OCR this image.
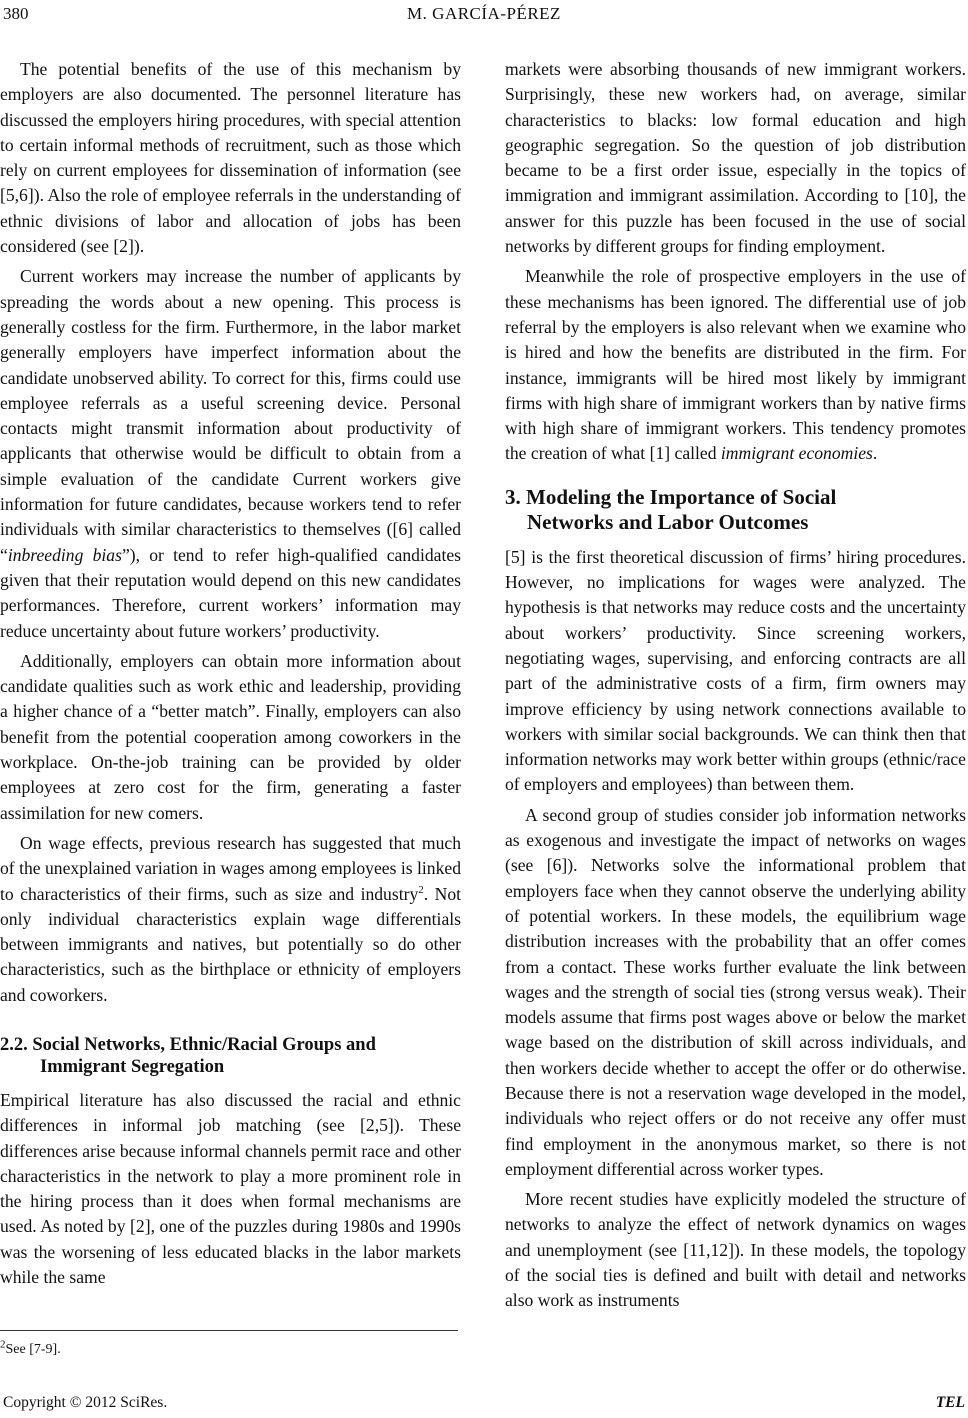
380	M. GARCÍA-PÉREZ

The potential benefits of the use of this mechanism by employers are also documented. The personnel literature has discussed the employers hiring procedures, with special attention to certain informal methods of recruitment, such as those which rely on current employees for dissemination of information (see [5,6]). Also the role of employee referrals in the understanding of ethnic divisions of labor and allocation of jobs has been considered (see [2]).

Current workers may increase the number of applicants by spreading the words about a new opening. This process is generally costless for the firm. Furthermore, in the labor market generally employers have imperfect information about the candidate unobserved ability. To correct for this, firms could use employee referrals as a useful screening device. Personal contacts might transmit information about productivity of applicants that otherwise would be difficult to obtain from a simple evaluation of the candidate Current workers give information for future candidates, because workers tend to refer individuals with similar characteristics to themselves ([6] called “inbreeding bias”), or tend to refer high-qualified candidates given that their reputation would depend on this new candidates performances. Therefore, current workers’ information may reduce uncertainty about future workers’ productivity.

Additionally, employers can obtain more information about candidate qualities such as work ethic and leadership, providing a higher chance of a “better match”. Finally, employers can also benefit from the potential cooperation among coworkers in the workplace. On-the-job training can be provided by older employees at zero cost for the firm, generating a faster assimilation for new comers.

On wage effects, previous research has suggested that much of the unexplained variation in wages among employees is linked to characteristics of their firms, such as size and industry$^2$. Not only individual characteristics explain wage differentials between immigrants and natives, but potentially so do other characteristics, such as the birthplace or ethnicity of employers and coworkers.

2.2. Social Networks, Ethnic/Racial Groups and
Immigrant Segregation

Empirical literature has also discussed the racial and ethnic differences in informal job matching (see [2,5]). These differences arise because informal channels permit race and other characteristics in the network to play a more prominent role in the hiring process than it does when formal mechanisms are used. As noted by [2], one of the puzzles during 1980s and 1990s was the worsening of less educated blacks in the labor markets while the same

markets were absorbing thousands of new immigrant workers. Surprisingly, these new workers had, on average, similar characteristics to blacks: low formal education and high geographic segregation. So the question of job distribution became to be a first order issue, especially in the topics of immigration and immigrant assimilation. According to [10], the answer for this puzzle has been focused in the use of social networks by different groups for finding employment.

Meanwhile the role of prospective employers in the use of these mechanisms has been ignored. The differential use of job referral by the employers is also relevant when we examine who is hired and how the benefits are distributed in the firm. For instance, immigrants will be hired most likely by immigrant firms with high share of immigrant workers than by native firms with high share of immigrant workers. This tendency promotes the creation of what [1] called immigrant economies.

3. Modeling the Importance of Social
Networks and Labor Outcomes

[5] is the first theoretical discussion of firms’ hiring procedures. However, no implications for wages were analyzed. The hypothesis is that networks may reduce costs and the uncertainty about workers’ productivity. Since screening workers, negotiating wages, supervising, and enforcing contracts are all part of the administrative costs of a firm, firm owners may improve efficiency by using network connections available to workers with similar social backgrounds. We can think then that information networks may work better within groups (ethnic/race of employers and employees) than between them.

A second group of studies consider job information networks as exogenous and investigate the impact of networks on wages (see [6]). Networks solve the informational problem that employers face when they cannot observe the underlying ability of potential workers. In these models, the equilibrium wage distribution increases with the probability that an offer comes from a contact. These works further evaluate the link between wages and the strength of social ties (strong versus weak). Their models assume that firms post wages above or below the market wage based on the distribution of skill across individuals, and then workers decide whether to accept the offer or do otherwise. Because there is not a reservation wage developed in the model, individuals who reject offers or do not receive any offer must find employment in the anonymous market, so there is not employment differential across worker types.

More recent studies have explicitly modeled the structure of networks to analyze the effect of network dynamics on wages and unemployment (see [11,12]). In these models, the topology of the social ties is defined and built with detail and networks also work as instruments

$^2$See [7-9].
Copyright © 2012 SciRes.	TEL
